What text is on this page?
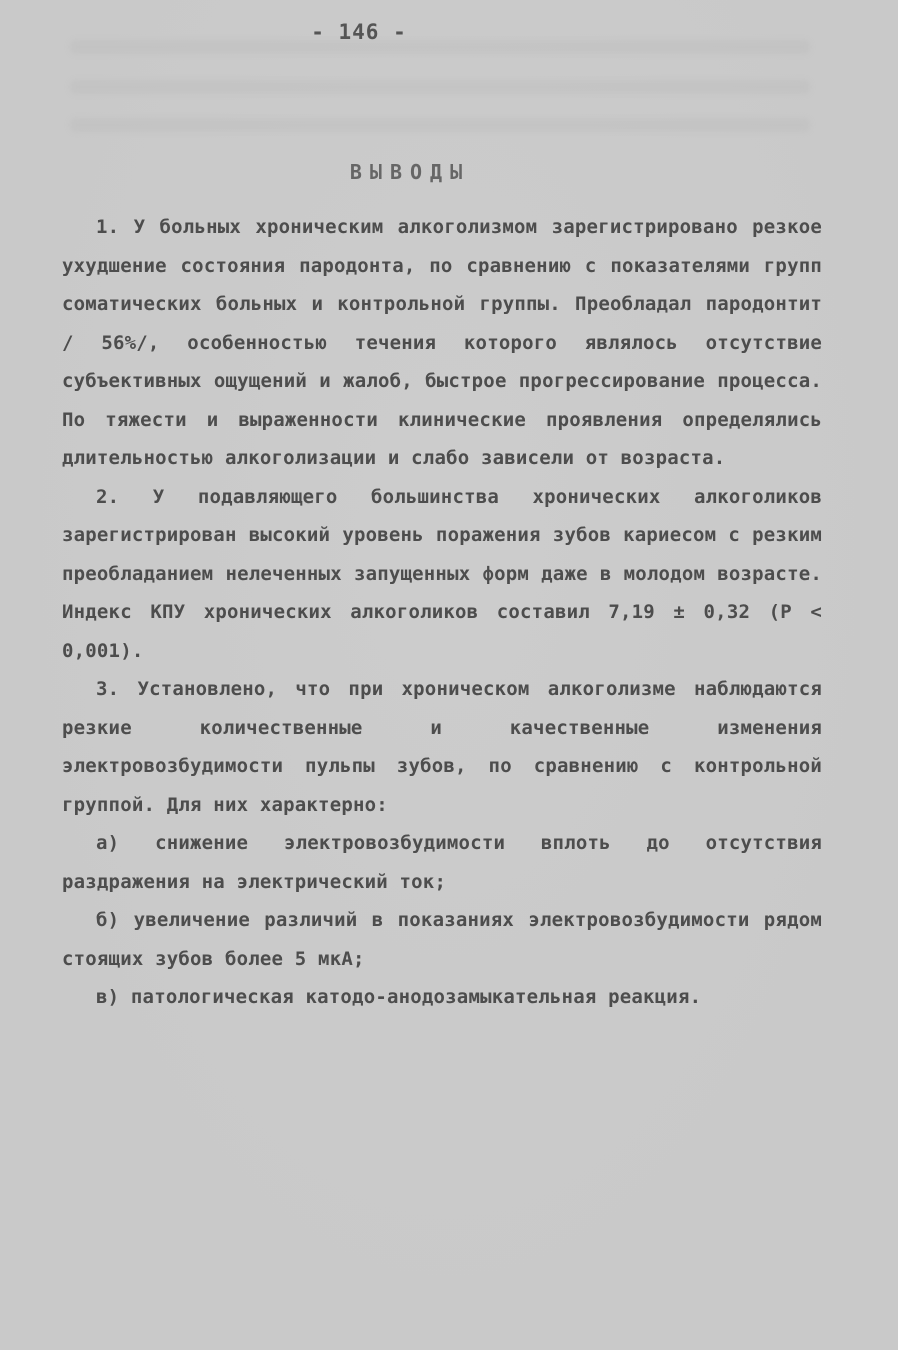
- 146 -
ВЫВОДЫ

1. У больных хроническим алкоголизмом зарегистрировано резкое ухудшение состояния пародонта, по сравнению с показателями групп соматических больных и контрольной группы. Преобладал пародонтит / 56%/, особенностью течения которого являлось отсутствие субъективных ощущений и жалоб, быстрое прогрессирование процесса. По тяжести и выраженности клинические проявления определялись длительностью алкоголизации и слабо зависели от возраста.

2. У подавляющего большинства хронических алкоголиков зарегистрирован высокий уровень поражения зубов кариесом с резким преобладанием нелеченных запущенных форм даже в молодом возрасте. Индекс КПУ хронических алкоголиков составил 7,19 ± 0,32 (P < 0,001).

3. Установлено, что при хроническом алкоголизме наблюдаются резкие количественные и качественные изменения электровозбудимости пульпы зубов, по сравнению с контрольной группой. Для них характерно:

а) снижение электровозбудимости вплоть до отсутствия раздражения на электрический ток;

б) увеличение различий в показаниях электровозбудимости рядом стоящих зубов более 5 мкА;

в) патологическая катодо-анодозамыкательная реакция.
